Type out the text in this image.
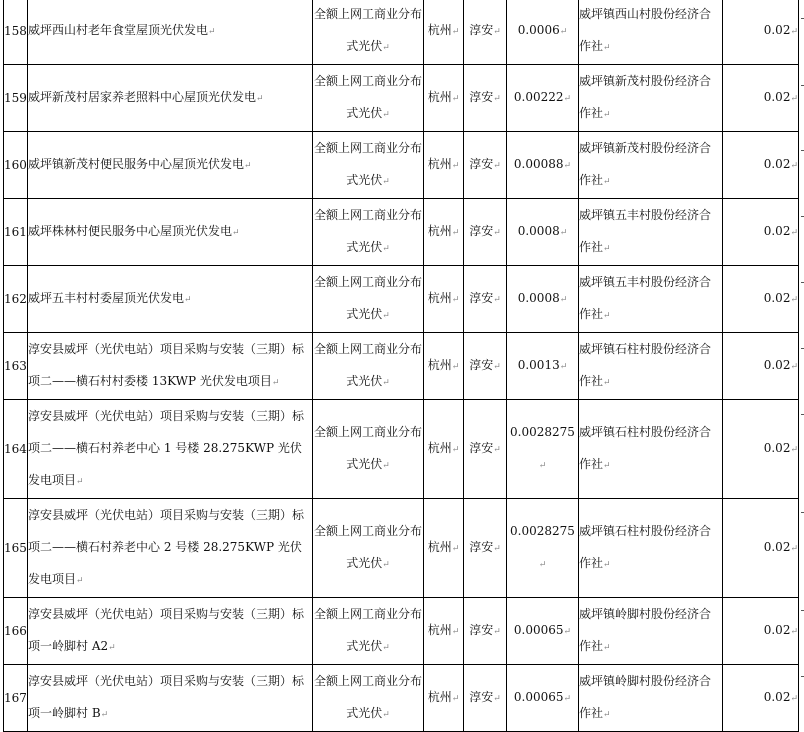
158	威坪西山村老年食堂屋顶光伏发电↵	全额上网工商业分布式光伏↵	杭州↵	淳安↵	0.0006↵	威坪镇西山村股份经济合作社↵	0.02↵
159	威坪新茂村居家养老照料中心屋顶光伏发电↵	全额上网工商业分布式光伏↵	杭州↵	淳安↵	0.00222↵	威坪镇新茂村股份经济合作社↵	0.02↵
160	威坪镇新茂村便民服务中心屋顶光伏发电↵	全额上网工商业分布式光伏↵	杭州↵	淳安↵	0.00088↵	威坪镇新茂村股份经济合作社↵	0.02↵
161	威坪株林村便民服务中心屋顶光伏发电↵	全额上网工商业分布式光伏↵	杭州↵	淳安↵	0.0008↵	威坪镇五丰村股份经济合作社↵	0.02↵
162	威坪五丰村村委屋顶光伏发电↵	全额上网工商业分布式光伏↵	杭州↵	淳安↵	0.0008↵	威坪镇五丰村股份经济合作社↵	0.02↵
163	淳安县威坪（光伏电站）项目采购与安装（三期）标项二——横石村村委楼 13KWP 光伏发电项目↵	全额上网工商业分布式光伏↵	杭州↵	淳安↵	0.0013↵	威坪镇石柱村股份经济合作社↵	0.02↵
164	淳安县威坪（光伏电站）项目采购与安装（三期）标项二——横石村养老中心 1 号楼 28.275KWP 光伏发电项目↵	全额上网工商业分布式光伏↵	杭州↵	淳安↵	0.0028275↵	威坪镇石柱村股份经济合作社↵	0.02↵
165	淳安县威坪（光伏电站）项目采购与安装（三期）标项二——横石村养老中心 2 号楼 28.275KWP 光伏发电项目↵	全额上网工商业分布式光伏↵	杭州↵	淳安↵	0.0028275↵	威坪镇石柱村股份经济合作社↵	0.02↵
166	淳安县威坪（光伏电站）项目采购与安装（三期）标项一岭脚村 A2↵	全额上网工商业分布式光伏↵	杭州↵	淳安↵	0.00065↵	威坪镇岭脚村股份经济合作社↵	0.02↵
167	淳安县威坪（光伏电站）项目采购与安装（三期）标项一岭脚村 B↵	全额上网工商业分布式光伏↵	杭州↵	淳安↵	0.00065↵	威坪镇岭脚村股份经济合作社↵	0.02↵
